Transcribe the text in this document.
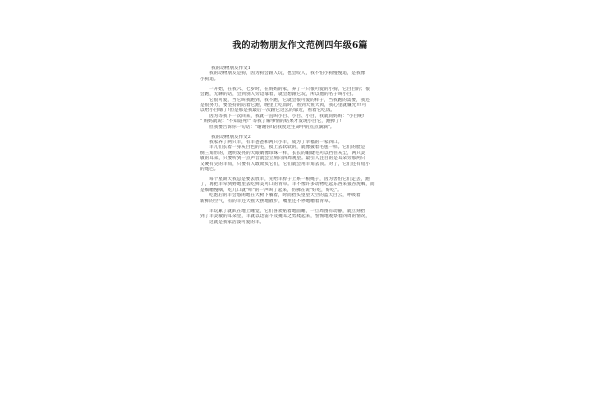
我的动物朋友作文范例四年级6篇
我的动物朋友作文1
我的动物朋友是狗，因为狗会跟人玩，也会咬人，我不怕小狗慢慢追，是我像
小狗追。
一开始，在我六、七岁时，在妈妈的家，养了一只很可爱的小狗，它白白的；很
会跑，无聊的话，会到别人旁边靠着，就会想跟它玩，所以他的名子叫小白。
它很可爱，当它叫我跑到，我不跑，它就会很可爱的样子，当我跑的需要，我还
是很努力，要坚持的陪着它跑，晚里上吃饭时，看到大鱼大肉，我心里就嫌咒!!!可
以给小白嗨了!但是那是我最后一次跟它这么的靠近，看着它吃饭。
因为等我下一次回来，我就一直叫小白、小白、小白，我就问妈妈："小白呢!
" 妈妈就说："不知道死!" 等我了解事情的结果才发现小白它，跑掉了!
但我要告诉你一句话："谢谢你!陪我度过生命中的点点滴滴"。
我的动物朋友作文2
我家养了两只羊，有羊爸爸和两只小羊，成为了幸福的一家四口。
羊儿们长着一身灰白色的毛，摸上去软软的，就像披着毛毯一样。它们的脸是
倒三角形的，透明发亮的大眼睛像珍珠一样，长长的眼睫毛可以挡住灰尘，两只灵
敏的耳朵，只要听到一点声音就会立刻向四周观望。最引人注目的是耳朵旁那两只
又硬有尖的羊角，只要有人敢欺负它们，它们就会用羊角去顶。对了，它们还有短小
的尾巴。
每个星期天我总是要去放羊，先给羊脖子上系一根绳子，因为害怕它们走丢，跑
了，再把羊牵到野地里去吃鲜美可口的青草。羊不像许多动物吃起东西来狼吞虎咽，而
是细嚼慢咽，吃几口就"咩"的一声叫了起来，仿佛在说"好吃，好吃"。
吃饱后的羊会悠闲地在大树下躺着，时而抬头望望天空的蓝天白云，呼吸着
新鲜的空气，有的羊还大摇大摆地散步，嘴里还不停地嚼着青草。
羊玩累了就趴在地上睡觉，它们喜欢贴着地面睡，一旦周围有动静，就立刻抬
到了羊灵敏的耳朵里，羊就以迅雷不及掩耳之势爬起来，警惕地观察着四周的情况，
这就是我家活泼可爱的羊。
